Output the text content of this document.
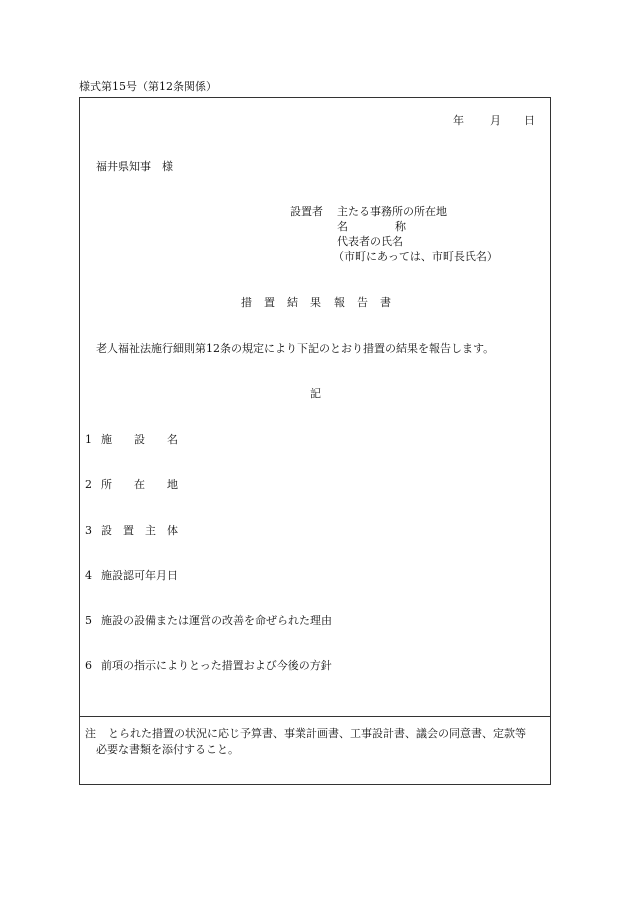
様式第15号（第12条関係）
年 月 日
福井県知事　様
設置者 主たる事務所の所在地
名	称
代表者の氏名
（市町にあっては、市町長氏名）
措 置 結 果 報 告 書
老人福祉法施行細則第12条の規定により下記のとおり措置の結果を報告します。
記
1 施　　設　　名
2 所　　在　　地
3 設　置　主　体
4 施設認可年月日
5 施設の設備または運営の改善を命ぜられた理由
6 前項の指示によりとった措置および今後の方針
注 とられた措置の状況に応じ予算書、事業計画書、工事設計書、議会の同意書、定款等
必要な書類を添付すること。
